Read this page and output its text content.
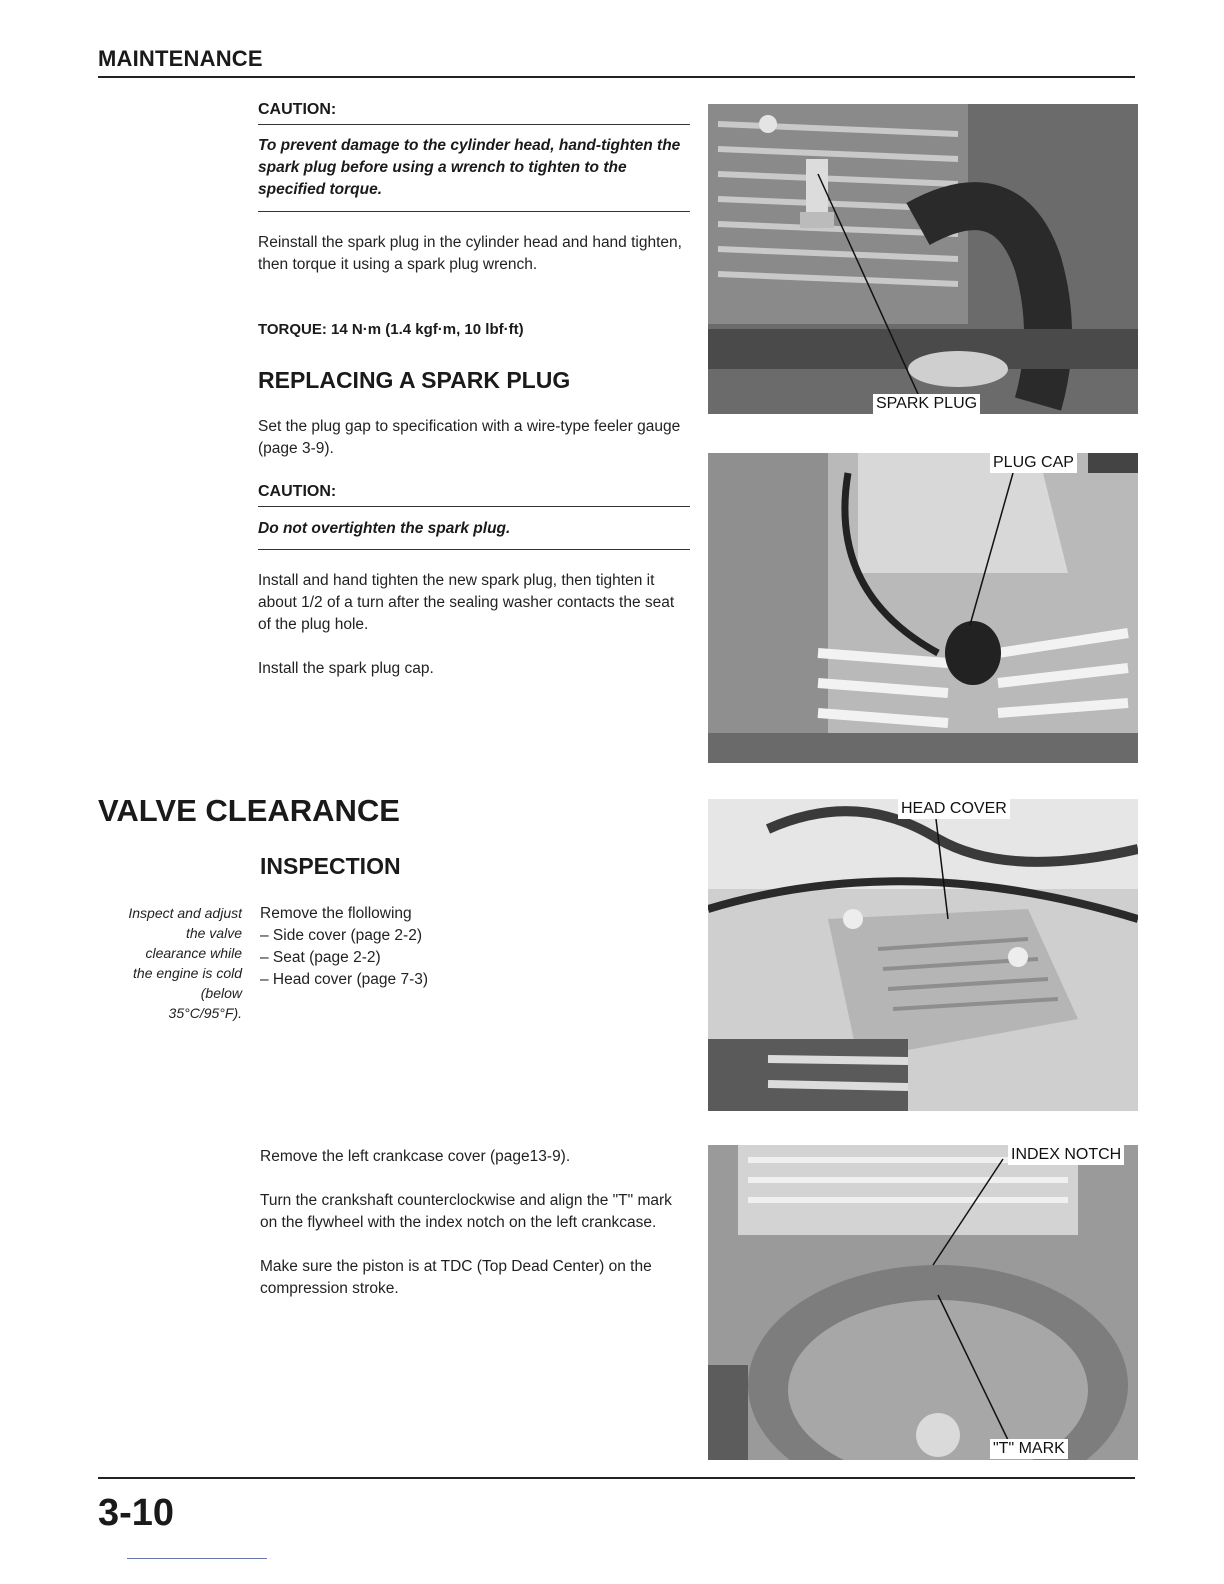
MAINTENANCE
CAUTION:
To prevent damage to the cylinder head, hand-tighten the spark plug before using a wrench to tighten to the specified torque.
Reinstall the spark plug in the cylinder head and hand tighten, then torque it using a spark plug wrench.
TORQUE: 14 N·m (1.4 kgf·m, 10 lbf·ft)
REPLACING A SPARK PLUG
Set the plug gap to specification with a wire-type feeler gauge (page 3-9).
CAUTION:
Do not overtighten the spark plug.
Install and hand tighten the new spark plug, then tighten it about 1/2 of a turn after the sealing washer contacts the seat of the plug hole.
Install the spark plug cap.
VALVE CLEARANCE
INSPECTION
Inspect and adjust
the valve
clearance while
the engine is cold
(below
35°C/95°F).
Remove the flollowing
– Side cover (page 2-2)
– Seat (page 2-2)
– Head cover (page 7-3)
Remove the left crankcase cover (page13-9).
Turn the crankshaft counterclockwise and align the "T" mark on the flywheel with the index notch on the left crankcase.
Make sure the piston is at TDC (Top Dead Center) on the compression stroke.
SPARK PLUG
PLUG CAP
HEAD COVER
INDEX NOTCH
"T" MARK
3-10
